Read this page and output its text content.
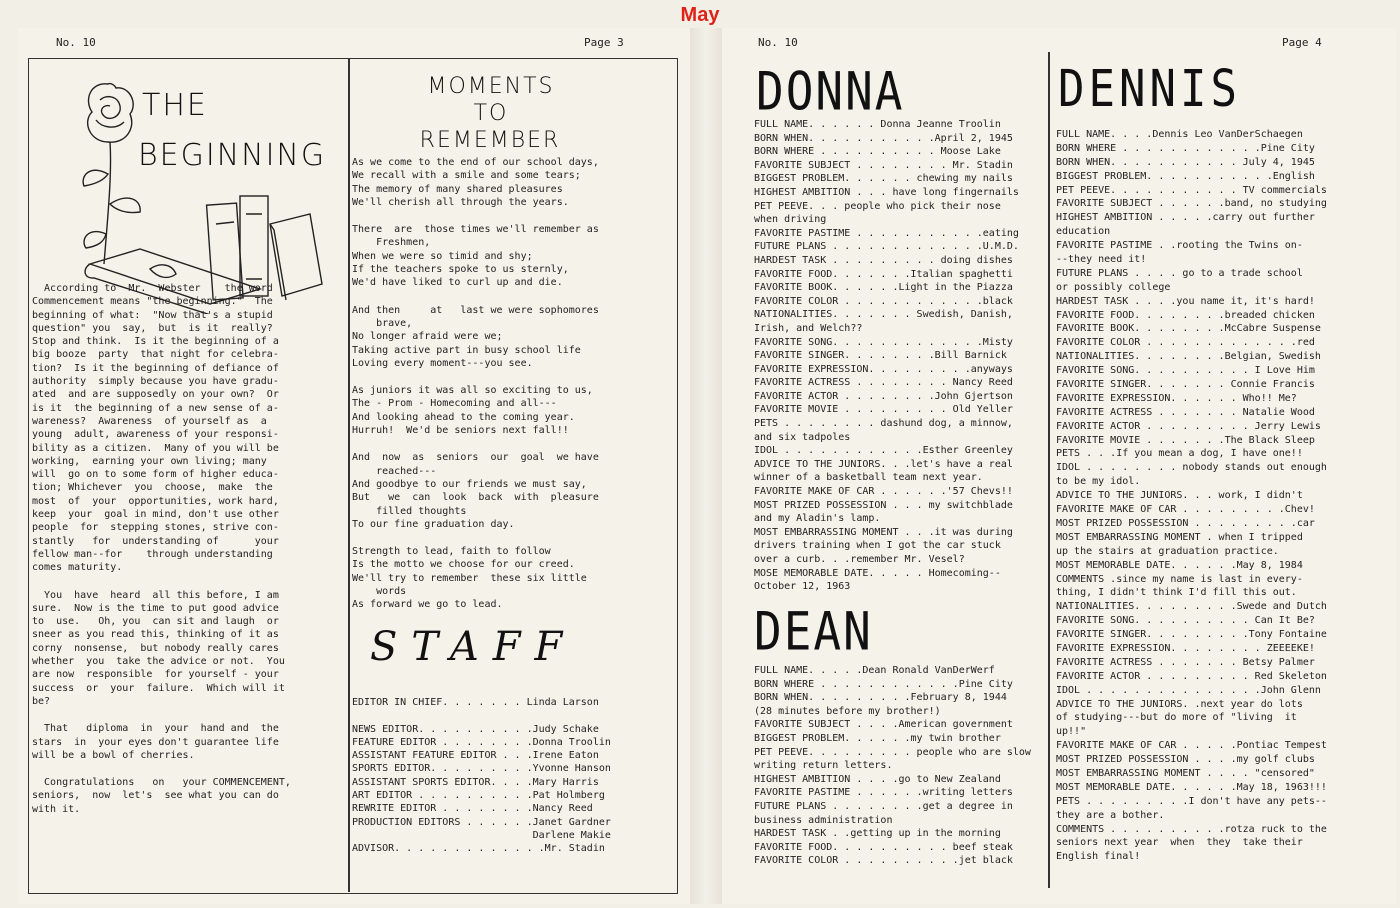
May
No. 10	Page 3
THE
BEGINNING
According to  Mr.  Webster    the word
Commencement means "the beginning."  The
beginning of what:  "Now that's a stupid
question" you  say,  but  is it  really?
Stop and think.  Is it the beginning of a
big booze  party  that night for celebra-
tion?  Is it the beginning of defiance of
authority  simply because you have gradu-
ated  and are supposedly on your own?  Or
is it  the beginning of a new sense of a-
wareness?  Awareness  of yourself as  a
young  adult, awareness of your responsi-
bility as a citizen.  Many of you will be
working,  earning your own living; many
will  go on to some form of higher educa-
tion; Whichever  you  choose,  make  the
most  of  your  opportunities, work hard,
keep  your  goal in mind, don't use other
people  for  stepping stones, strive con-
stantly   for  understanding of      your
fellow man--for    through understanding
comes maturity.
You  have  heard  all this before, I am
sure.  Now is the time to put good advice
to  use.   Oh, you  can sit and laugh  or
sneer as you read this, thinking of it as
corny  nonsense,  but nobody really cares
whether  you  take the advice or not.  You
are now  responsible  for yourself - your
success  or  your  failure.  Which will it
be?
That   diploma  in  your  hand and  the
stars  in  your eyes don't guarantee life
will be a bowl of cherries.
Congratulations   on   your COMMENCEMENT,
seniors,  now  let's  see what you can do
with it.
MOMENTS
TO
REMEMBER
As we come to the end of our school days,
We recall with a smile and some tears;
The memory of many shared pleasures
We'll cherish all through the years.
There  are  those times we'll remember as
Freshmen,
When we were so timid and shy;
If the teachers spoke to us sternly,
We'd have liked to curl up and die.
And then     at   last we were sophomores
brave,
No longer afraid were we;
Taking active part in busy school life
Loving every moment---you see.
As juniors it was all so exciting to us,
The - Prom - Homecoming and all---
And looking ahead to the coming year.
Hurruh!  We'd be seniors next fall!!
And  now  as  seniors  our  goal  we have
reached---
And goodbye to our friends we must say,
But   we  can  look  back  with  pleasure
filled thoughts
To our fine graduation day.
Strength to lead, faith to follow
Is the motto we choose for our creed.
We'll try to remember  these six little
words
As forward we go to lead.
STAFF
EDITOR IN CHIEF. . . . . . . Linda Larson
NEWS EDITOR. . . . . . . . . .Judy Schake
FEATURE EDITOR . . . . . . . .Donna Troolin
ASSISTANT FEATURE EDITOR . . .Irene Eaton
SPORTS EDITOR. . . . . . . . .Yvonne Hanson
ASSISTANT SPORTS EDITOR. . . .Mary Harris
ART EDITOR . . . . . . . . . .Pat Holmberg
REWRITE EDITOR . . . . . . . .Nancy Reed
PRODUCTION EDITORS . . . . . .Janet Gardner
Darlene Makie
ADVISOR. . . . . . . . . . . . .Mr. Stadin
No. 10	Page 4
DONNA
FULL NAME. . . . . . Donna Jeanne Troolin
BORN WHEN. . . . . . . . . . .April 2, 1945
BORN WHERE . . . . . . . . . . Moose Lake
FAVORITE SUBJECT . . . . . . . . Mr. Stadin
BIGGEST PROBLEM. . . . . . chewing my nails
HIGHEST AMBITION . . . have long fingernails
PET PEEVE. . . people who pick their nose
when driving
FAVORITE PASTIME . . . . . . . . . . .eating
FUTURE PLANS . . . . . . . . . . . . .U.M.D.
HARDEST TASK . . . . . . . . . doing dishes
FAVORITE FOOD. . . . . . .Italian spaghetti
FAVORITE BOOK. . . . . .Light in the Piazza
FAVORITE COLOR . . . . . . . . . . . .black
NATIONALITIES. . . . . . . Swedish, Danish,
Irish, and Welch??
FAVORITE SONG. . . . . . . . . . . . .Misty
FAVORITE SINGER. . . . . . . .Bill Barnick
FAVORITE EXPRESSION. . . . . . . . .anyways
FAVORITE ACTRESS . . . . . . . . Nancy Reed
FAVORITE ACTOR . . . . . . . .John Gjertson
FAVORITE MOVIE . . . . . . . . . Old Yeller
PETS . . . . . . . . dashund dog, a minnow,
and six tadpoles
IDOL . . . . . . . . . . . .Esther Greenley
ADVICE TO THE JUNIORS. . .let's have a real
winner of a basketball team next year.
FAVORITE MAKE OF CAR . . . . . .'57 Chevs!!
MOST PRIZED POSSESSION . . . my switchblade
and my Aladin's lamp.
MOST EMBARRASSING MOMENT . . .it was during
drivers training when I got the car stuck
over a curb. . .remember Mr. Vesel?
MOSE MEMORABLE DATE. . . . . Homecoming--
October 12, 1963
DEAN
FULL NAME. . . . .Dean Ronald VanDerWerf
BORN WHERE . . . . . . . . . . . .Pine City
BORN WHEN. . . . . . . . .February 8, 1944
(28 minutes before my brother!)
FAVORITE SUBJECT . . . .American government
BIGGEST PROBLEM. . . . . .my twin brother
PET PEEVE. . . . . . . . . people who are slow
writing return letters.
HIGHEST AMBITION . . . .go to New Zealand
FAVORITE PASTIME . . . . . .writing letters
FUTURE PLANS . . . . . . . .get a degree in
business administration
HARDEST TASK . .getting up in the morning
FAVORITE FOOD. . . . . . . . . . beef steak
FAVORITE COLOR . . . . . . . . . .jet black
DENNIS
FULL NAME. . . .Dennis Leo VanDerSchaegen
BORN WHERE . . . . . . . . . . . .Pine City
BORN WHEN. . . . . . . . . . . July 4, 1945
BIGGEST PROBLEM. . . . . . . . . . .English
PET PEEVE. . . . . . . . . . . TV commercials
FAVORITE SUBJECT . . . . . .band, no studying
HIGHEST AMBITION . . . . .carry out further
education
FAVORITE PASTIME . .rooting the Twins on-
--they need it!
FUTURE PLANS . . . . go to a trade school
or possibly college
HARDEST TASK . . . .you name it, it's hard!
FAVORITE FOOD. . . . . . . .breaded chicken
FAVORITE BOOK. . . . . . . .McCabre Suspense
FAVORITE COLOR . . . . . . . . . . . . .red
NATIONALITIES. . . . . . . .Belgian, Swedish
FAVORITE SONG. . . . . . . . . . I Love Him
FAVORITE SINGER. . . . . . . Connie Francis
FAVORITE EXPRESSION. . . . . . Who!! Me?
FAVORITE ACTRESS . . . . . . . Natalie Wood
FAVORITE ACTOR . . . . . . . . . Jerry Lewis
FAVORITE MOVIE . . . . . . .The Black Sleep
PETS . . .If you mean a dog, I have one!!
IDOL . . . . . . . . nobody stands out enough
to be my idol.
ADVICE TO THE JUNIORS. . . work, I didn't
FAVORITE MAKE OF CAR . . . . . . . . .Chev!
MOST PRIZED POSSESSION . . . . . . . . .car
MOST EMBARRASSING MOMENT . when I tripped
up the stairs at graduation practice.
MOST MEMORABLE DATE. . . . . .May 8, 1984
COMMENTS .since my name is last in every-
thing, I didn't think I'd fill this out.
NATIONALITIES. . . . . . . . .Swede and Dutch
FAVORITE SONG. . . . . . . . . . Can It Be?
FAVORITE SINGER. . . . . . . . .Tony Fontaine
FAVORITE EXPRESSION. . . . . . . . ZEEEEKE!
FAVORITE ACTRESS . . . . . . . Betsy Palmer
FAVORITE ACTOR . . . . . . . . . Red Skeleton
IDOL . . . . . . . . . . . . . . .John Glenn
ADVICE TO THE JUNIORS. .next year do lots
of studying---but do more of "living  it
up!!"
FAVORITE MAKE OF CAR . . . . .Pontiac Tempest
MOST PRIZED POSSESSION . . . .my golf clubs
MOST EMBARRASSING MOMENT . . . . "censored"
MOST MEMORABLE DATE. . . . . .May 18, 1963!!!
PETS . . . . . . . . .I don't have any pets--
they are a bother.
COMMENTS . . . . . . . . . .rotza ruck to the
seniors next year  when  they  take their
English final!
